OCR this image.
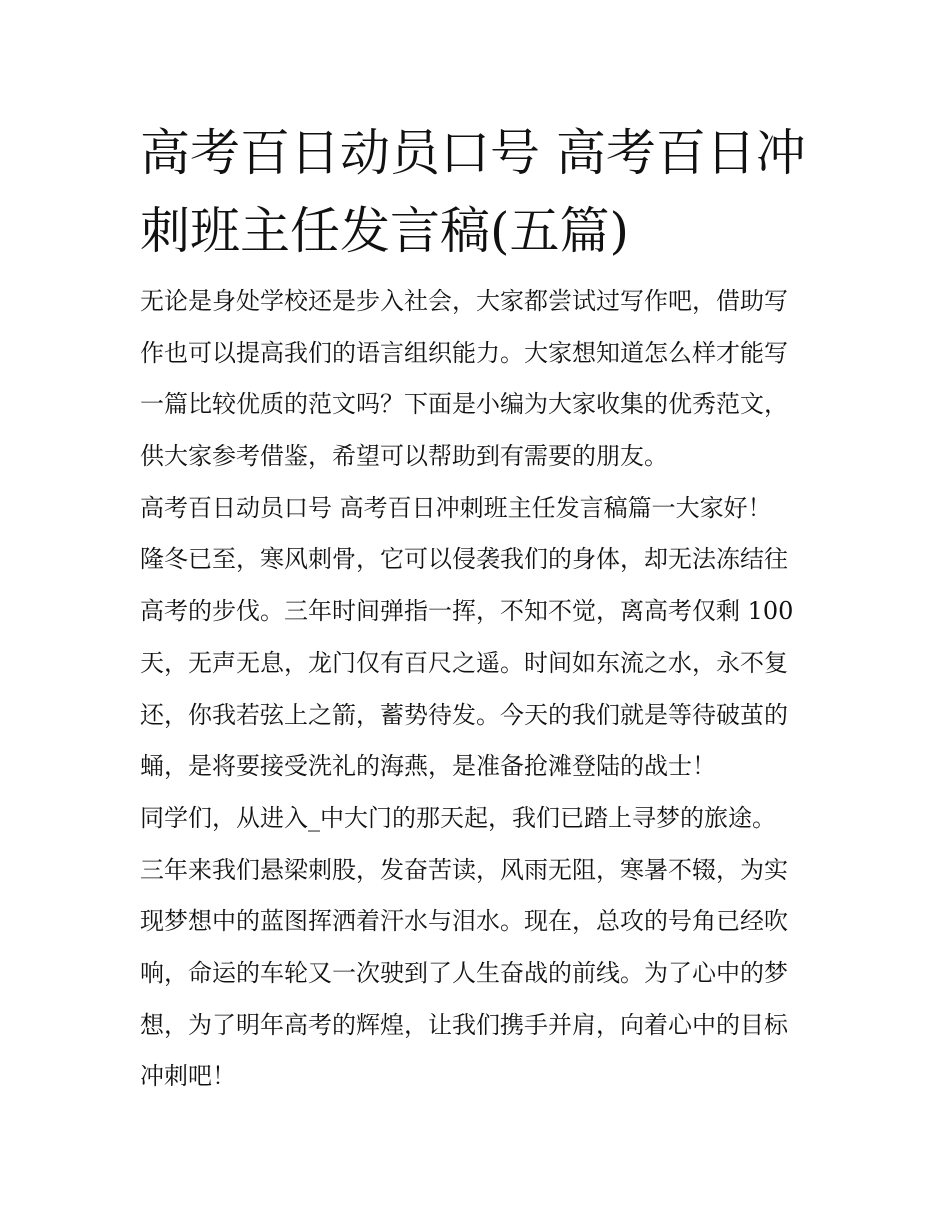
高考百日动员口号 高考百日冲
刺班主任发言稿(五篇)
无论是身处学校还是步入社会，大家都尝试过写作吧，借助写
作也可以提高我们的语言组织能力。大家想知道怎么样才能写
一篇比较优质的范文吗？下面是小编为大家收集的优秀范文，
供大家参考借鉴，希望可以帮助到有需要的朋友。
高考百日动员口号 高考百日冲刺班主任发言稿篇一大家好！
隆冬已至，寒风刺骨，它可以侵袭我们的身体，却无法冻结往
高考的步伐。三年时间弹指一挥，不知不觉，离高考仅剩 100
天，无声无息，龙门仅有百尺之遥。时间如东流之水，永不复
还，你我若弦上之箭，蓄势待发。今天的我们就是等待破茧的
蛹，是将要接受洗礼的海燕，是准备抢滩登陆的战士！
同学们，从进入_中大门的那天起，我们已踏上寻梦的旅途。
三年来我们悬梁刺股，发奋苦读，风雨无阻，寒暑不辍，为实
现梦想中的蓝图挥洒着汗水与泪水。现在，总攻的号角已经吹
响，命运的车轮又一次驶到了人生奋战的前线。为了心中的梦
想，为了明年高考的辉煌，让我们携手并肩，向着心中的目标
冲刺吧！
